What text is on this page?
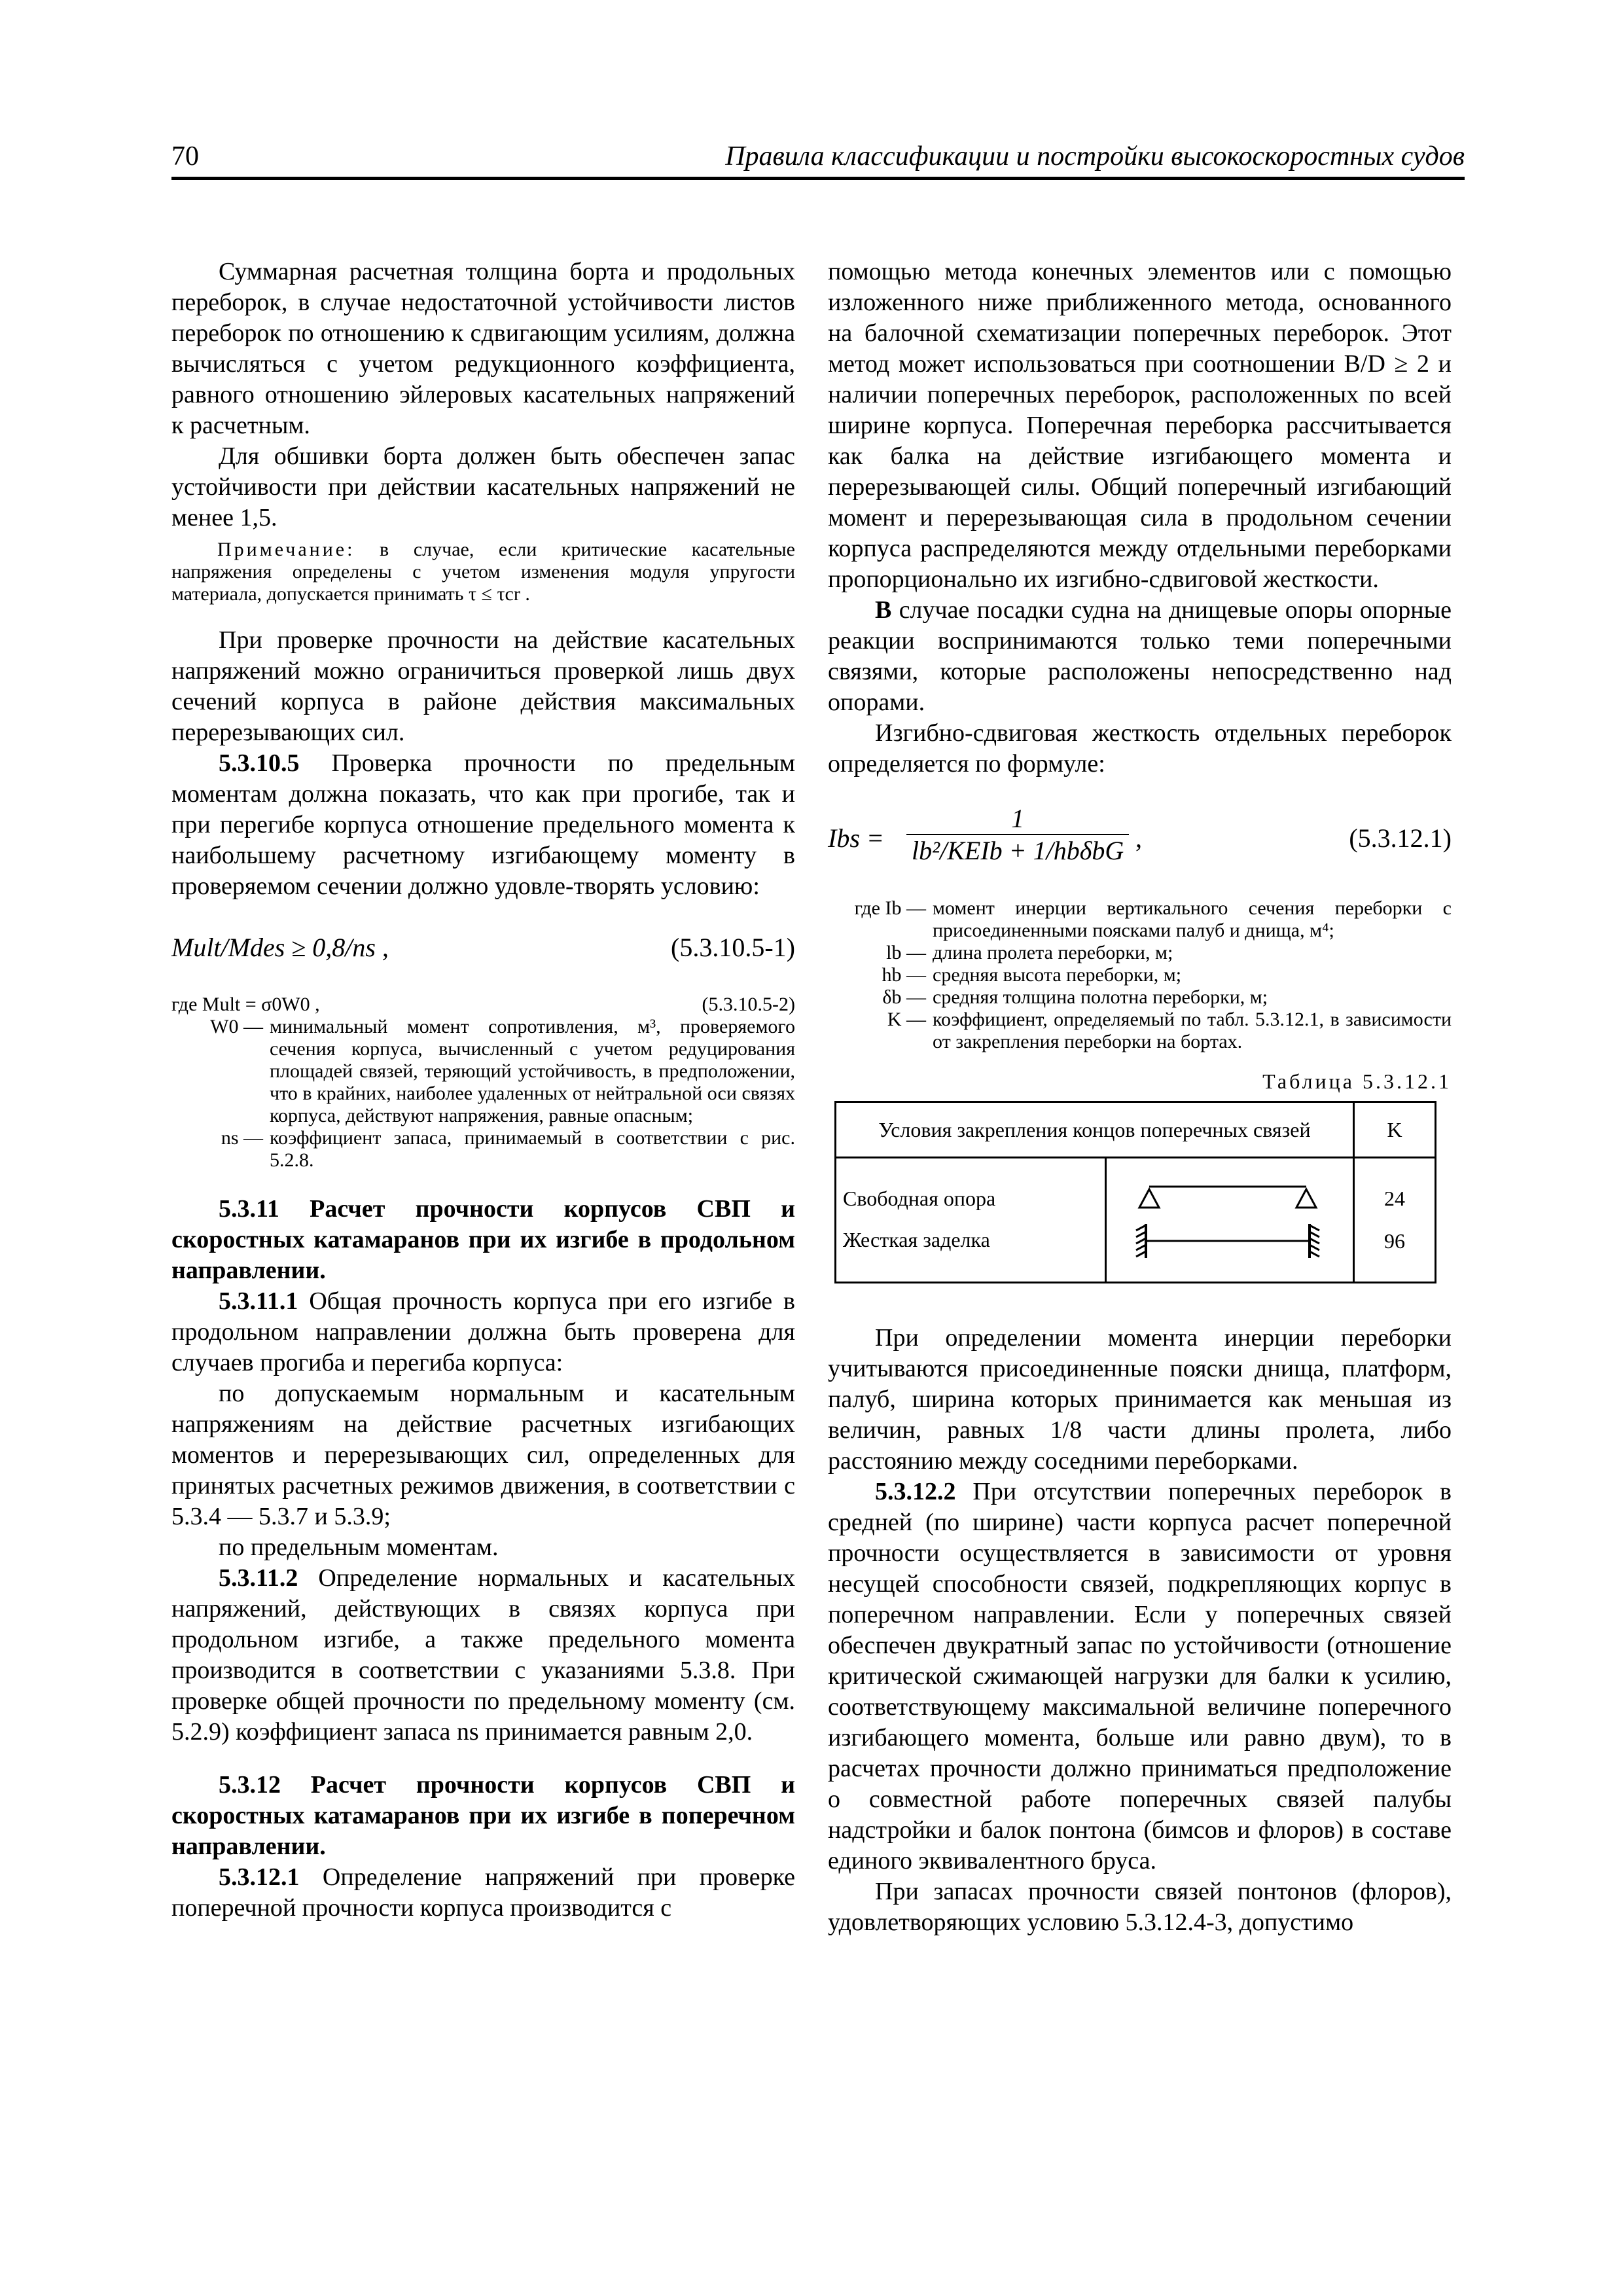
70	Правила классификации и постройки высокоскоростных судов

Суммарная расчетная толщина борта и продольных переборок, в случае недостаточной устойчивости листов переборок по отношению к сдвигающим усилиям, должна вычисляться с учетом редукционного коэффициента, равного отношению эйлеровых касательных напряжений к расчетным.

Для обшивки борта должен быть обеспечен запас устойчивости при действии касательных напряжений не менее 1,5.

Примечание: в случае, если критические касательные напряжения определены с учетом изменения модуля упругости материала, допускается принимать τ ≤ τcr .

При проверке прочности на действие касательных напряжений можно ограничиться проверкой лишь двух сечений корпуса в районе действия максимальных перерезывающих сил.

5.3.10.5 Проверка прочности по предельным моментам должна показать, что как при прогибе, так и при перегибе корпуса отношение предельного момента к наибольшему расчетному изгибающему моменту в проверяемом сечении должно удовле-творять условию:

Mult/Mdes ≥ 0,8/ns ,	(5.3.10.5-1)
где Mult = σ0W0 ,	(5.3.10.5-2)
W0 — минимальный момент сопротивления, м³, проверяемого сечения корпуса, вычисленный с учетом редуцирования площадей связей, теряющий устойчивость, в предположении, что в крайних, наиболее удаленных от нейтральной оси связях корпуса, действуют напряжения, равные опасным;
ns — коэффициент запаса, принимаемый в соответствии с рис. 5.2.8.
5.3.11 Расчет прочности корпусов СВП и скоростных катамаранов при их изгибе в продольном направлении.

5.3.11.1 Общая прочность корпуса при его изгибе в продольном направлении должна быть проверена для случаев прогиба и перегиба корпуса:

по допускаемым нормальным и касательным напряжениям на действие расчетных изгибающих моментов и перерезывающих сил, определенных для принятых расчетных режимов движения, в соответствии с 5.3.4 — 5.3.7 и 5.3.9;

по предельным моментам.

5.3.11.2 Определение нормальных и касательных напряжений, действующих в связях корпуса при продольном изгибе, а также предельного момента производится в соответствии с указаниями 5.3.8. При проверке общей прочности по предельному моменту (см. 5.2.9) коэффициент запаса ns принимается равным 2,0.

5.3.12 Расчет прочности корпусов СВП и скоростных катамаранов при их изгибе в поперечном направлении.

5.3.12.1 Определение напряжений при проверке поперечной прочности корпуса производится с

помощью метода конечных элементов или с помощью изложенного ниже приближенного метода, основанного на балочной схематизации поперечных переборок. Этот метод может использоваться при соотношении B/D ≥ 2 и наличии поперечных переборок, расположенных по всей ширине корпуса. Поперечная переборка рассчитывается как балка на действие изгибающего момента и перерезывающей силы. Общий поперечный изгибающий момент и перерезывающая сила в продольном сечении корпуса распределяются между отдельными переборками пропорционально их изгибно-сдвиговой жесткости.

В случае посадки судна на днищевые опоры опорные реакции воспринимаются только теми поперечными связями, которые расположены непосредственно над опорами.

Изгибно-сдвиговая жесткость отдельных переборок определяется по формуле:

Ibs =
1
lb²/KEIb + 1/hbδbG ,	(5.3.12.1)
где Ib — момент инерции вертикального сечения переборки с присоединенными поясками палуб и днища, м⁴;
lb — длина пролета переборки, м;
hb — средняя высота переборки, м;
δb — средняя толщина полотна переборки, м;
K — коэффициент, определяемый по табл. 5.3.12.1, в зависимости от закрепления переборки на бортах.
Таблица 5.3.12.1
Условия закрепления концов поперечных связей		K
Свободная опора		24
Жесткая заделка		96

При определении момента инерции переборки учитываются присоединенные пояски днища, платформ, палуб, ширина которых принимается как меньшая из величин, равных 1/8 части длины пролета, либо расстоянию между соседними переборками.

5.3.12.2 При отсутствии поперечных переборок в средней (по ширине) части корпуса расчет поперечной прочности осуществляется в зависимости от уровня несущей способности связей, подкрепляющих корпус в поперечном направлении. Если у поперечных связей обеспечен двукратный запас по устойчивости (отношение критической сжимающей нагрузки для балки к усилию, соответствующему максимальной величине поперечного изгибающего момента, больше или равно двум), то в расчетах прочности должно приниматься предположение о совместной работе поперечных связей палубы надстройки и балок понтона (бимсов и флоров) в составе единого эквивалентного бруса.

При запасах прочности связей понтонов (флоров), удовлетворяющих условию 5.3.12.4-3, допустимо
